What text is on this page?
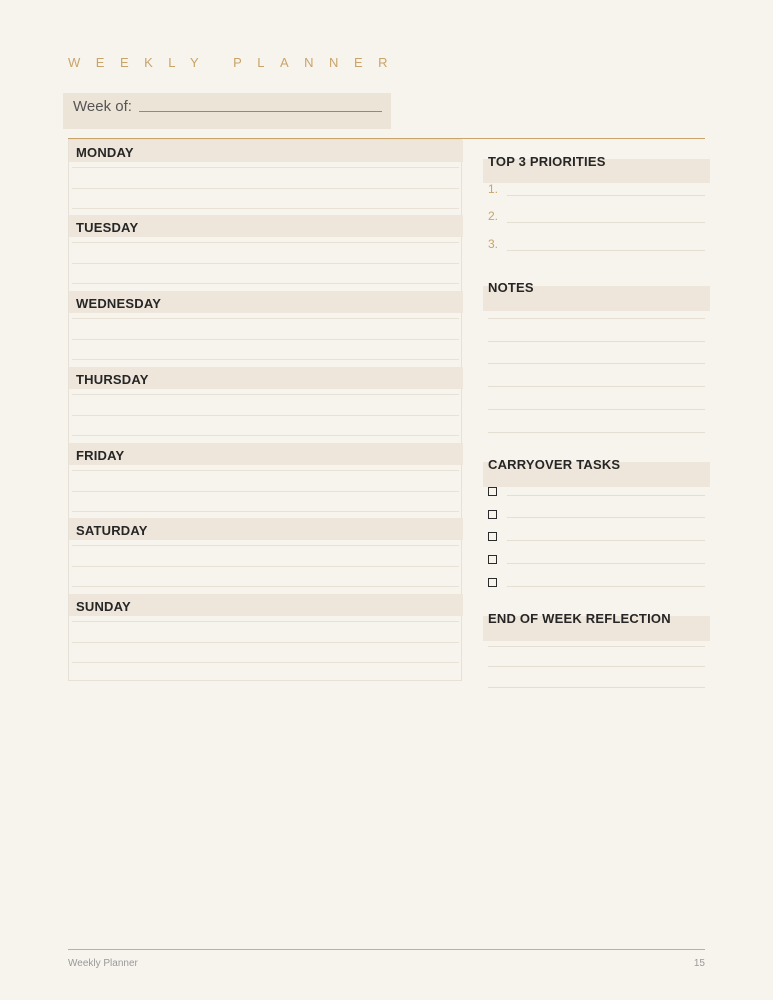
WEEKLY PLANNER
Week of:
MONDAY
TUESDAY
WEDNESDAY
THURSDAY
FRIDAY
SATURDAY
SUNDAY
TOP 3 PRIORITIES
1.
2.
3.
NOTES
CARRYOVER TASKS
END OF WEEK REFLECTION
Weekly Planner	15
